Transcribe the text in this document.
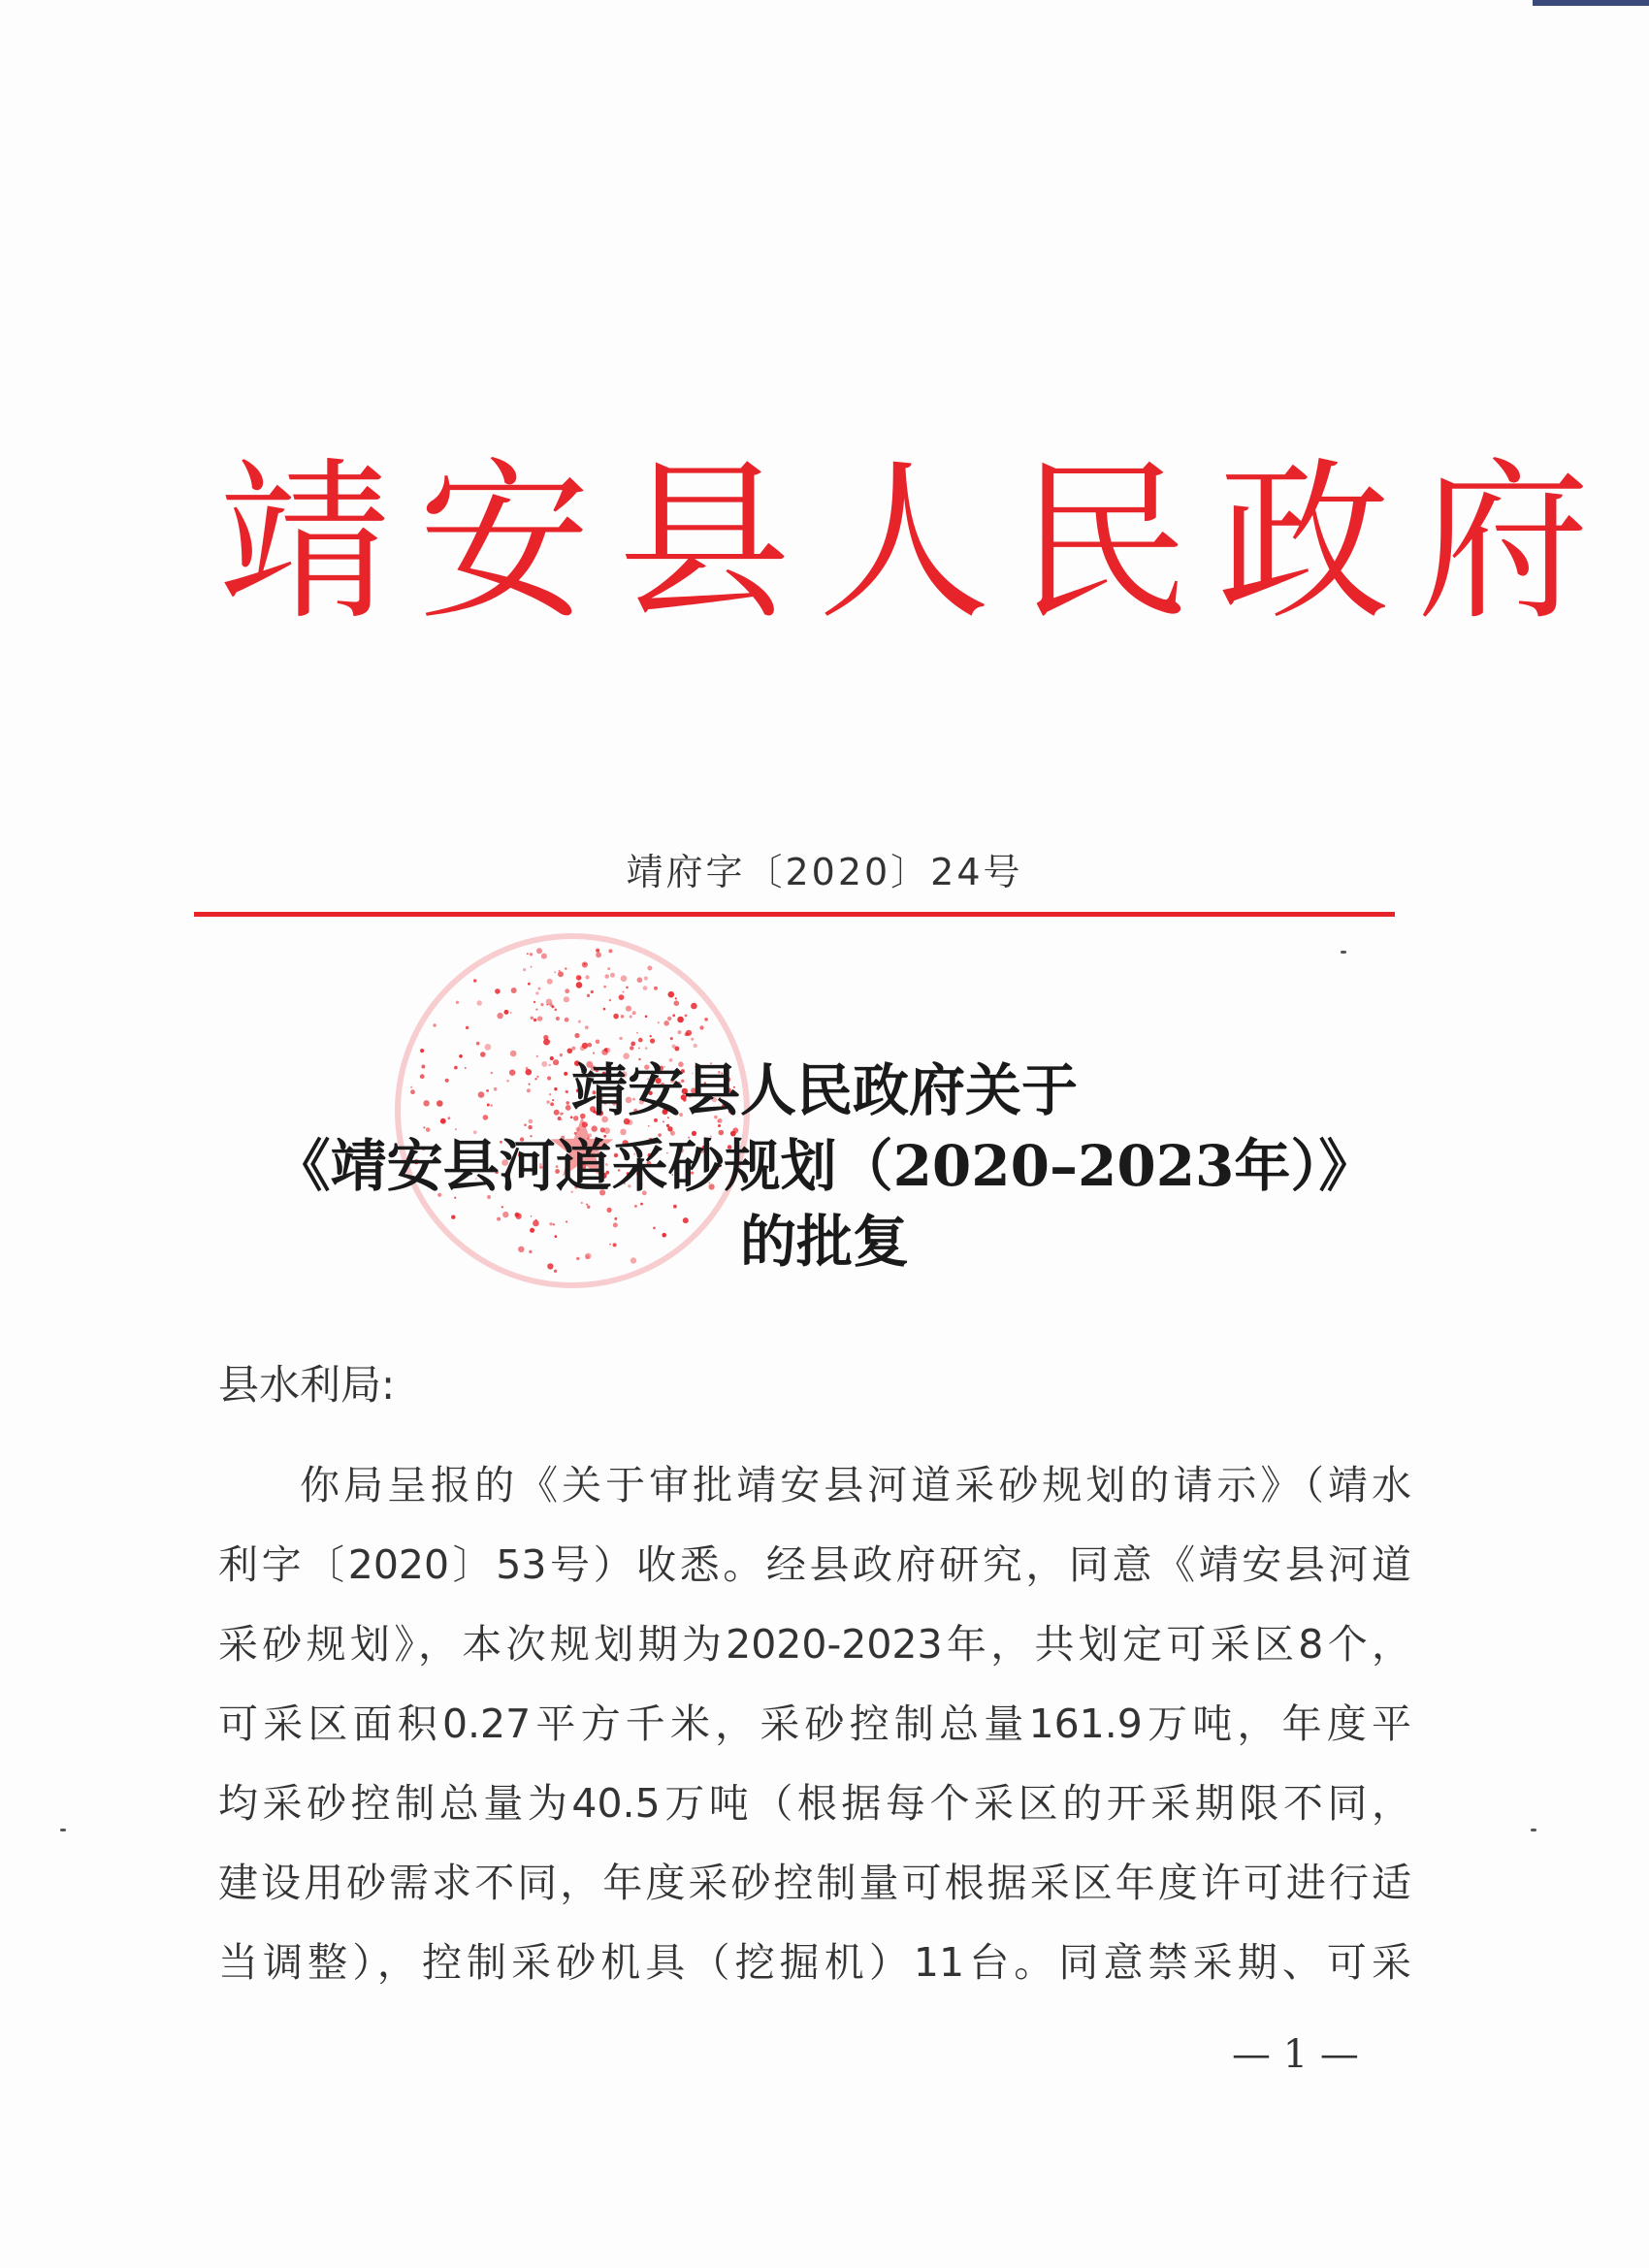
靖安县人民政府
靖府字〔2020〕24号
靖安县人民政府关于
《靖安县河道采砂规划（2020–2023年）》
的批复
县水利局:
你局呈报的《关于审批靖安县河道采砂规划的请示》（靖水
利字〔2020〕53号）收悉。经县政府研究，同意《靖安县河道
采砂规划》，本次规划期为2020-2023年，共划定可采区8个，
可采区面积0.27平方千米，采砂控制总量161.9万吨，年度平
均采砂控制总量为40.5万吨（根据每个采区的开采期限不同，
建设用砂需求不同，年度采砂控制量可根据采区年度许可进行适
当调整），控制采砂机具（挖掘机）11台。同意禁采期、可采
— 1 —
